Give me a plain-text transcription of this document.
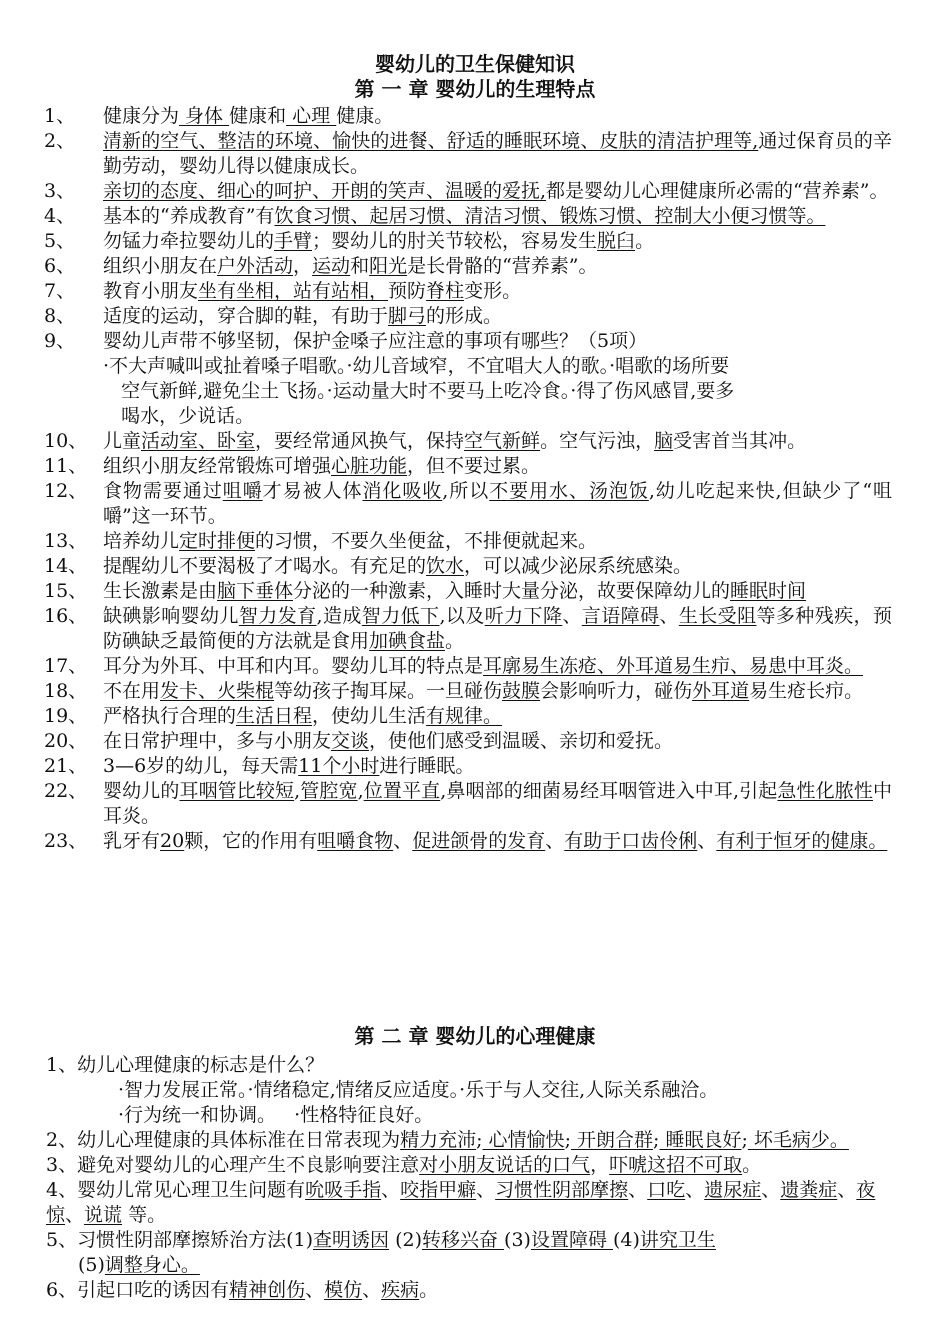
婴幼儿的卫生保健知识
第 一 章 婴幼儿的生理特点
1、 健康分为 身体 健康和 心理 健康。
2、 清新的空气、整洁的环境、愉快的进餐、舒适的睡眠环境、皮肤的清洁护理等,通过保育员的辛勤劳动，婴幼儿得以健康成长。
3、 亲切的态度、细心的呵护、开朗的笑声、温暖的爱抚,都是婴幼儿心理健康所必需的“营养素”。
4、 基本的“养成教育”有饮食习惯、起居习惯、清洁习惯、锻炼习惯、控制大小便习惯等。
5、 勿锰力牵拉婴幼儿的手臂；婴幼儿的肘关节较松，容易发生脱臼。
6、 组织小朋友在户外活动，运动和阳光是长骨骼的“营养素”。
7、 教育小朋友坐有坐相，站有站相，预防脊柱变形。
8、 适度的运动，穿合脚的鞋，有助于脚弓的形成。
9、 婴幼儿声带不够坚韧，保护金嗓子应注意的事项有哪些？（5项）
·不大声喊叫或扯着嗓子唱歌。·幼儿音域窄，不宜唱大人的歌。·唱歌的场所要
空气新鲜,避免尘土飞扬。·运动量大时不要马上吃冷食。·得了伤风感冒,要多
喝水，少说话。
10、 儿童活动室、卧室，要经常通风换气，保持空气新鲜。空气污浊，脑受害首当其冲。
11、 组织小朋友经常锻炼可增强心脏功能，但不要过累。
12、 食物需要通过咀嚼才易被人体消化吸收,所以不要用水、汤泡饭,幼儿吃起来快,但缺少了“咀嚼”这一环节。
13、 培养幼儿定时排便的习惯，不要久坐便盆，不排便就起来。
14、 提醒幼儿不要渴极了才喝水。有充足的饮水，可以减少泌尿系统感染。
15、 生长激素是由脑下垂体分泌的一种激素，入睡时大量分泌，故要保障幼儿的睡眠时间
16、 缺碘影响婴幼儿智力发育,造成智力低下,以及听力下降、言语障碍、生长受阻等多种残疾，预防碘缺乏最简便的方法就是食用加碘食盐。
17、 耳分为外耳、中耳和内耳。婴幼儿耳的特点是耳廓易生冻疮、外耳道易生疖、易患中耳炎。
18、 不在用发卡、火柴棍等幼孩子掏耳屎。一旦碰伤鼓膜会影响听力，碰伤外耳道易生疮长疖。
19、 严格执行合理的生活日程，使幼儿生活有规律。
20、 在日常护理中，多与小朋友交谈，使他们感受到温暖、亲切和爱抚。
21、 3—6岁的幼儿，每天需11个小时进行睡眠。
22、 婴幼儿的耳咽管比较短,管腔宽,位置平直,鼻咽部的细菌易经耳咽管进入中耳,引起急性化脓性中耳炎。
23、 乳牙有20颗，它的作用有咀嚼食物、促进颌骨的发育、有助于口齿伶俐、有利于恒牙的健康。
第 二 章 婴幼儿的心理健康
1、幼儿心理健康的标志是什么？
·智力发展正常。·情绪稳定,情绪反应适度。·乐于与人交往,人际关系融洽。
·行为统一和协调。   ·性格特征良好。
2、幼儿心理健康的具体标准在日常表现为精力充沛; 心情愉快; 开朗合群; 睡眠良好; 坏毛病少。
3、避免对婴幼儿的心理产生不良影响要注意对小朋友说话的口气，吓唬这招不可取。
4、婴幼儿常见心理卫生问题有吮吸手指、咬指甲癖、习惯性阴部摩擦、口吃、遗尿症、遗粪症、夜惊、说谎 等。
5、习惯性阴部摩擦矫治方法(1)查明诱因 (2)转移兴奋 (3)设置障碍 (4)讲究卫生
(5)调整身心。
6、引起口吃的诱因有精神创伤、模仿、疾病。
